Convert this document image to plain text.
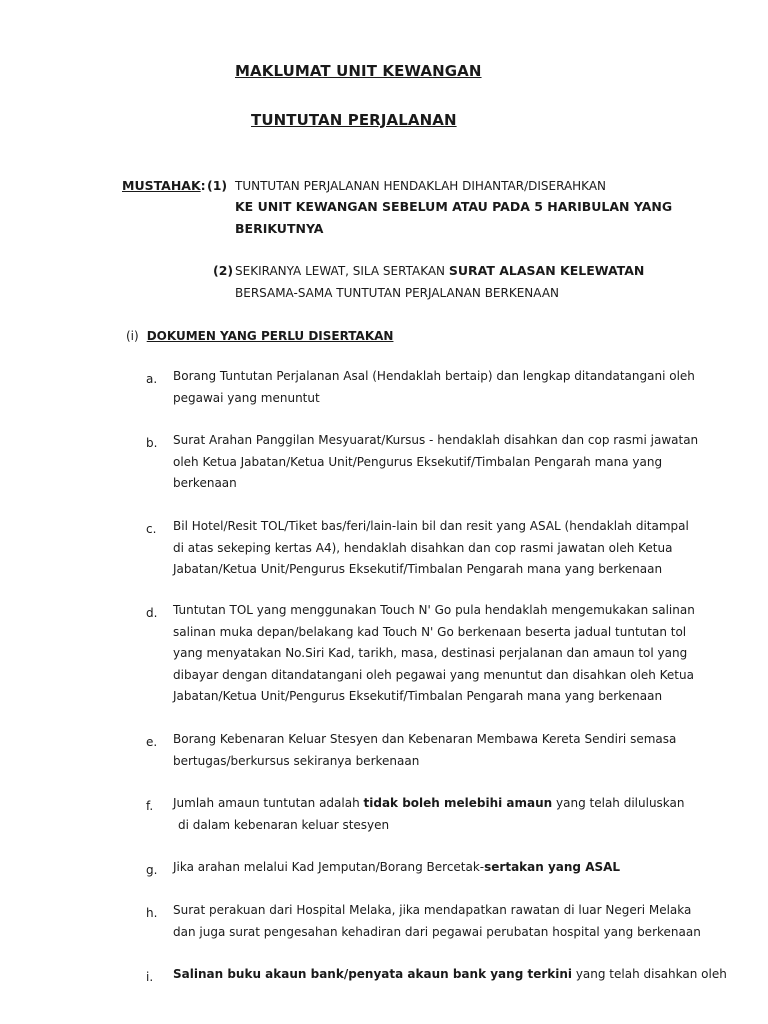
MAKLUMAT UNIT KEWANGAN
TUNTUTAN PERJALANAN
MUSTAHAK: (1) TUNTUTAN PERJALANAN HENDAKLAH DIHANTAR/DISERAHKAN
KE UNIT KEWANGAN SEBELUM ATAU PADA 5 HARIBULAN YANG
BERIKUTNYA
(2) SEKIRANYA LEWAT, SILA SERTAKAN SURAT ALASAN KELEWATAN
BERSAMA-SAMA TUNTUTAN PERJALANAN BERKENAAN
(i) DOKUMEN YANG PERLU DISERTAKAN
a. Borang Tuntutan Perjalanan Asal (Hendaklah bertaip) dan lengkap ditandatangani oleh
pegawai yang menuntut
b. Surat Arahan Panggilan Mesyuarat/Kursus - hendaklah disahkan dan cop rasmi jawatan
oleh Ketua Jabatan/Ketua Unit/Pengurus Eksekutif/Timbalan Pengarah mana yang
berkenaan
c. Bil Hotel/Resit TOL/Tiket bas/feri/lain-lain bil dan resit yang ASAL (hendaklah ditampal
di atas sekeping kertas A4), hendaklah disahkan dan cop rasmi jawatan oleh Ketua
Jabatan/Ketua Unit/Pengurus Eksekutif/Timbalan Pengarah mana yang berkenaan
d. Tuntutan TOL yang menggunakan Touch N' Go pula hendaklah mengemukakan salinan
salinan muka depan/belakang kad Touch N' Go berkenaan beserta jadual tuntutan tol
yang menyatakan No.Siri Kad, tarikh, masa, destinasi perjalanan dan amaun tol yang
dibayar dengan ditandatangani oleh pegawai yang menuntut dan disahkan oleh Ketua
Jabatan/Ketua Unit/Pengurus Eksekutif/Timbalan Pengarah mana yang berkenaan
e. Borang Kebenaran Keluar Stesyen dan Kebenaran Membawa Kereta Sendiri semasa
bertugas/berkursus sekiranya berkenaan
f. Jumlah amaun tuntutan adalah tidak boleh melebihi amaun yang telah diluluskan
di dalam kebenaran keluar stesyen
g. Jika arahan melalui Kad Jemputan/Borang Bercetak-sertakan yang ASAL
h. Surat perakuan dari Hospital Melaka, jika mendapatkan rawatan di luar Negeri Melaka
dan juga surat pengesahan kehadiran dari pegawai perubatan hospital yang berkenaan
i. Salinan buku akaun bank/penyata akaun bank yang terkini yang telah disahkan oleh
